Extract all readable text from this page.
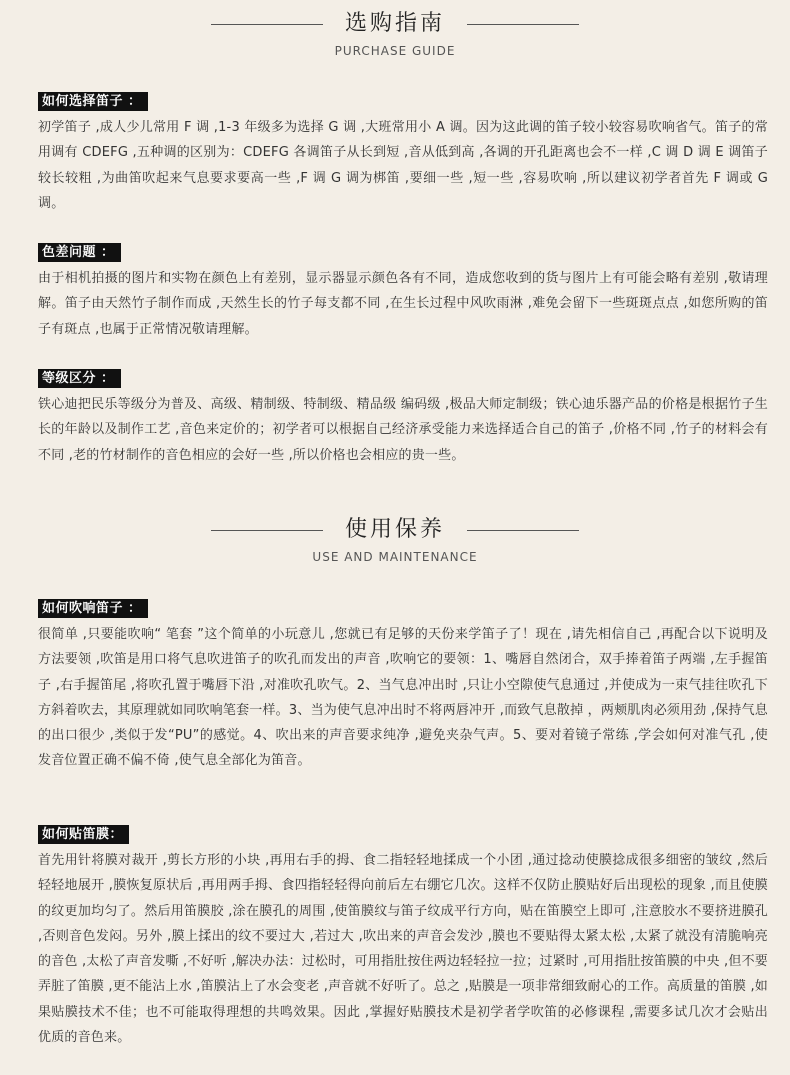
选购指南
PURCHASE GUIDE
如何选择笛子 ：
初学笛子 ,成人少儿常用 F 调 ,1-3 年级多为选择 G 调 ,大班常用小 A 调。因为这此调的笛子较小较容易吹响省气。笛子的常用调有 CDEFG ,五种调的区别为：CDEFG 各调笛子从长到短 ,音从低到高 ,各调的开孔距离也会不一样 ,C 调 D 调 E 调笛子较长较粗 ,为曲笛吹起来气息要求要高一些 ,F 调 G 调为梆笛 ,要细一些 ,短一些 ,容易吹响 ,所以建议初学者首先 F 调或 G 调。
色差问题 ：
由于相机拍摄的图片和实物在颜色上有差别，显示器显示颜色各有不同，造成您收到的货与图片上有可能会略有差别 ,敬请理解。笛子由天然竹子制作而成 ,天然生长的竹子每支都不同 ,在生长过程中风吹雨淋 ,难免会留下一些斑斑点点 ,如您所购的笛子有斑点 ,也属于正常情况敬请理解。
等级区分 ：
铁心迪把民乐等级分为普及、高级、精制级、特制级、精品级 编码级 ,极品大师定制级；铁心迪乐器产品的价格是根据竹子生长的年龄以及制作工艺 ,音色来定价的；初学者可以根据自己经济承受能力来选择适合自己的笛子 ,价格不同 ,竹子的材料会有不同 ,老的竹材制作的音色相应的会好一些 ,所以价格也会相应的贵一些。
使用保养
USE AND MAINTENANCE
如何吹响笛子 ：
很简单 ,只要能吹响“ 笔套 ”这个简单的小玩意儿 ,您就已有足够的天份来学笛子了！现在 ,请先相信自己 ,再配合以下说明及方法要领 ,吹笛是用口将气息吹进笛子的吹孔而发出的声音 ,吹响它的要领：1、嘴唇自然闭合，双手捧着笛子两端 ,左手握笛子 ,右手握笛尾 ,将吹孔置于嘴唇下沿 ,对准吹孔吹气。2、当气息冲出时 ,只让小空隙使气息通过 ,并使成为一束气挂往吹孔下方斜着吹去，其原理就如同吹响笔套一样。3、当为使气息冲出时不将两唇冲开 ,而致气息散掉 ，两颊肌肉必须用劲 ,保持气息的出口很少 ,类似于发“PU”的感觉。4、吹出来的声音要求纯净 ,避免夹杂气声。5、要对着镜子常练 ,学会如何对准气孔 ,使发音位置正确不偏不倚 ,使气息全部化为笛音。
如何贴笛膜：
首先用针将膜对裁开 ,剪长方形的小块 ,再用右手的拇、食二指轻轻地揉成一个小团 ,通过捻动使膜捻成很多细密的皱纹 ,然后轻轻地展开 ,膜恢复原状后 ,再用两手拇、食四指轻轻得向前后左右绷它几次。这样不仅防止膜贴好后出现松的现象 ,而且使膜的纹更加均匀了。然后用笛膜胶 ,涂在膜孔的周围 ,使笛膜纹与笛子纹成平行方向，贴在笛膜空上即可 ,注意胶水不要挤进膜孔 ,否则音色发闷。另外 ,膜上揉出的纹不要过大 ,若过大 ,吹出来的声音会发沙 ,膜也不要贴得太紧太松 ,太紧了就没有清脆响亮的音色 ,太松了声音发嘶 ,不好听 ,解决办法：过松时，可用指肚按住两边轻轻拉一拉；过紧时 ,可用指肚按笛膜的中央 ,但不要弄脏了笛膜 ,更不能沾上水 ,笛膜沾上了水会变老 ,声音就不好听了。总之 ,贴膜是一项非常细致耐心的工作。高质量的笛膜 ,如果贴膜技术不佳；也不可能取得理想的共鸣效果。因此 ,掌握好贴膜技术是初学者学吹笛的必修课程 ,需要多试几次才会贴出优质的音色来。
